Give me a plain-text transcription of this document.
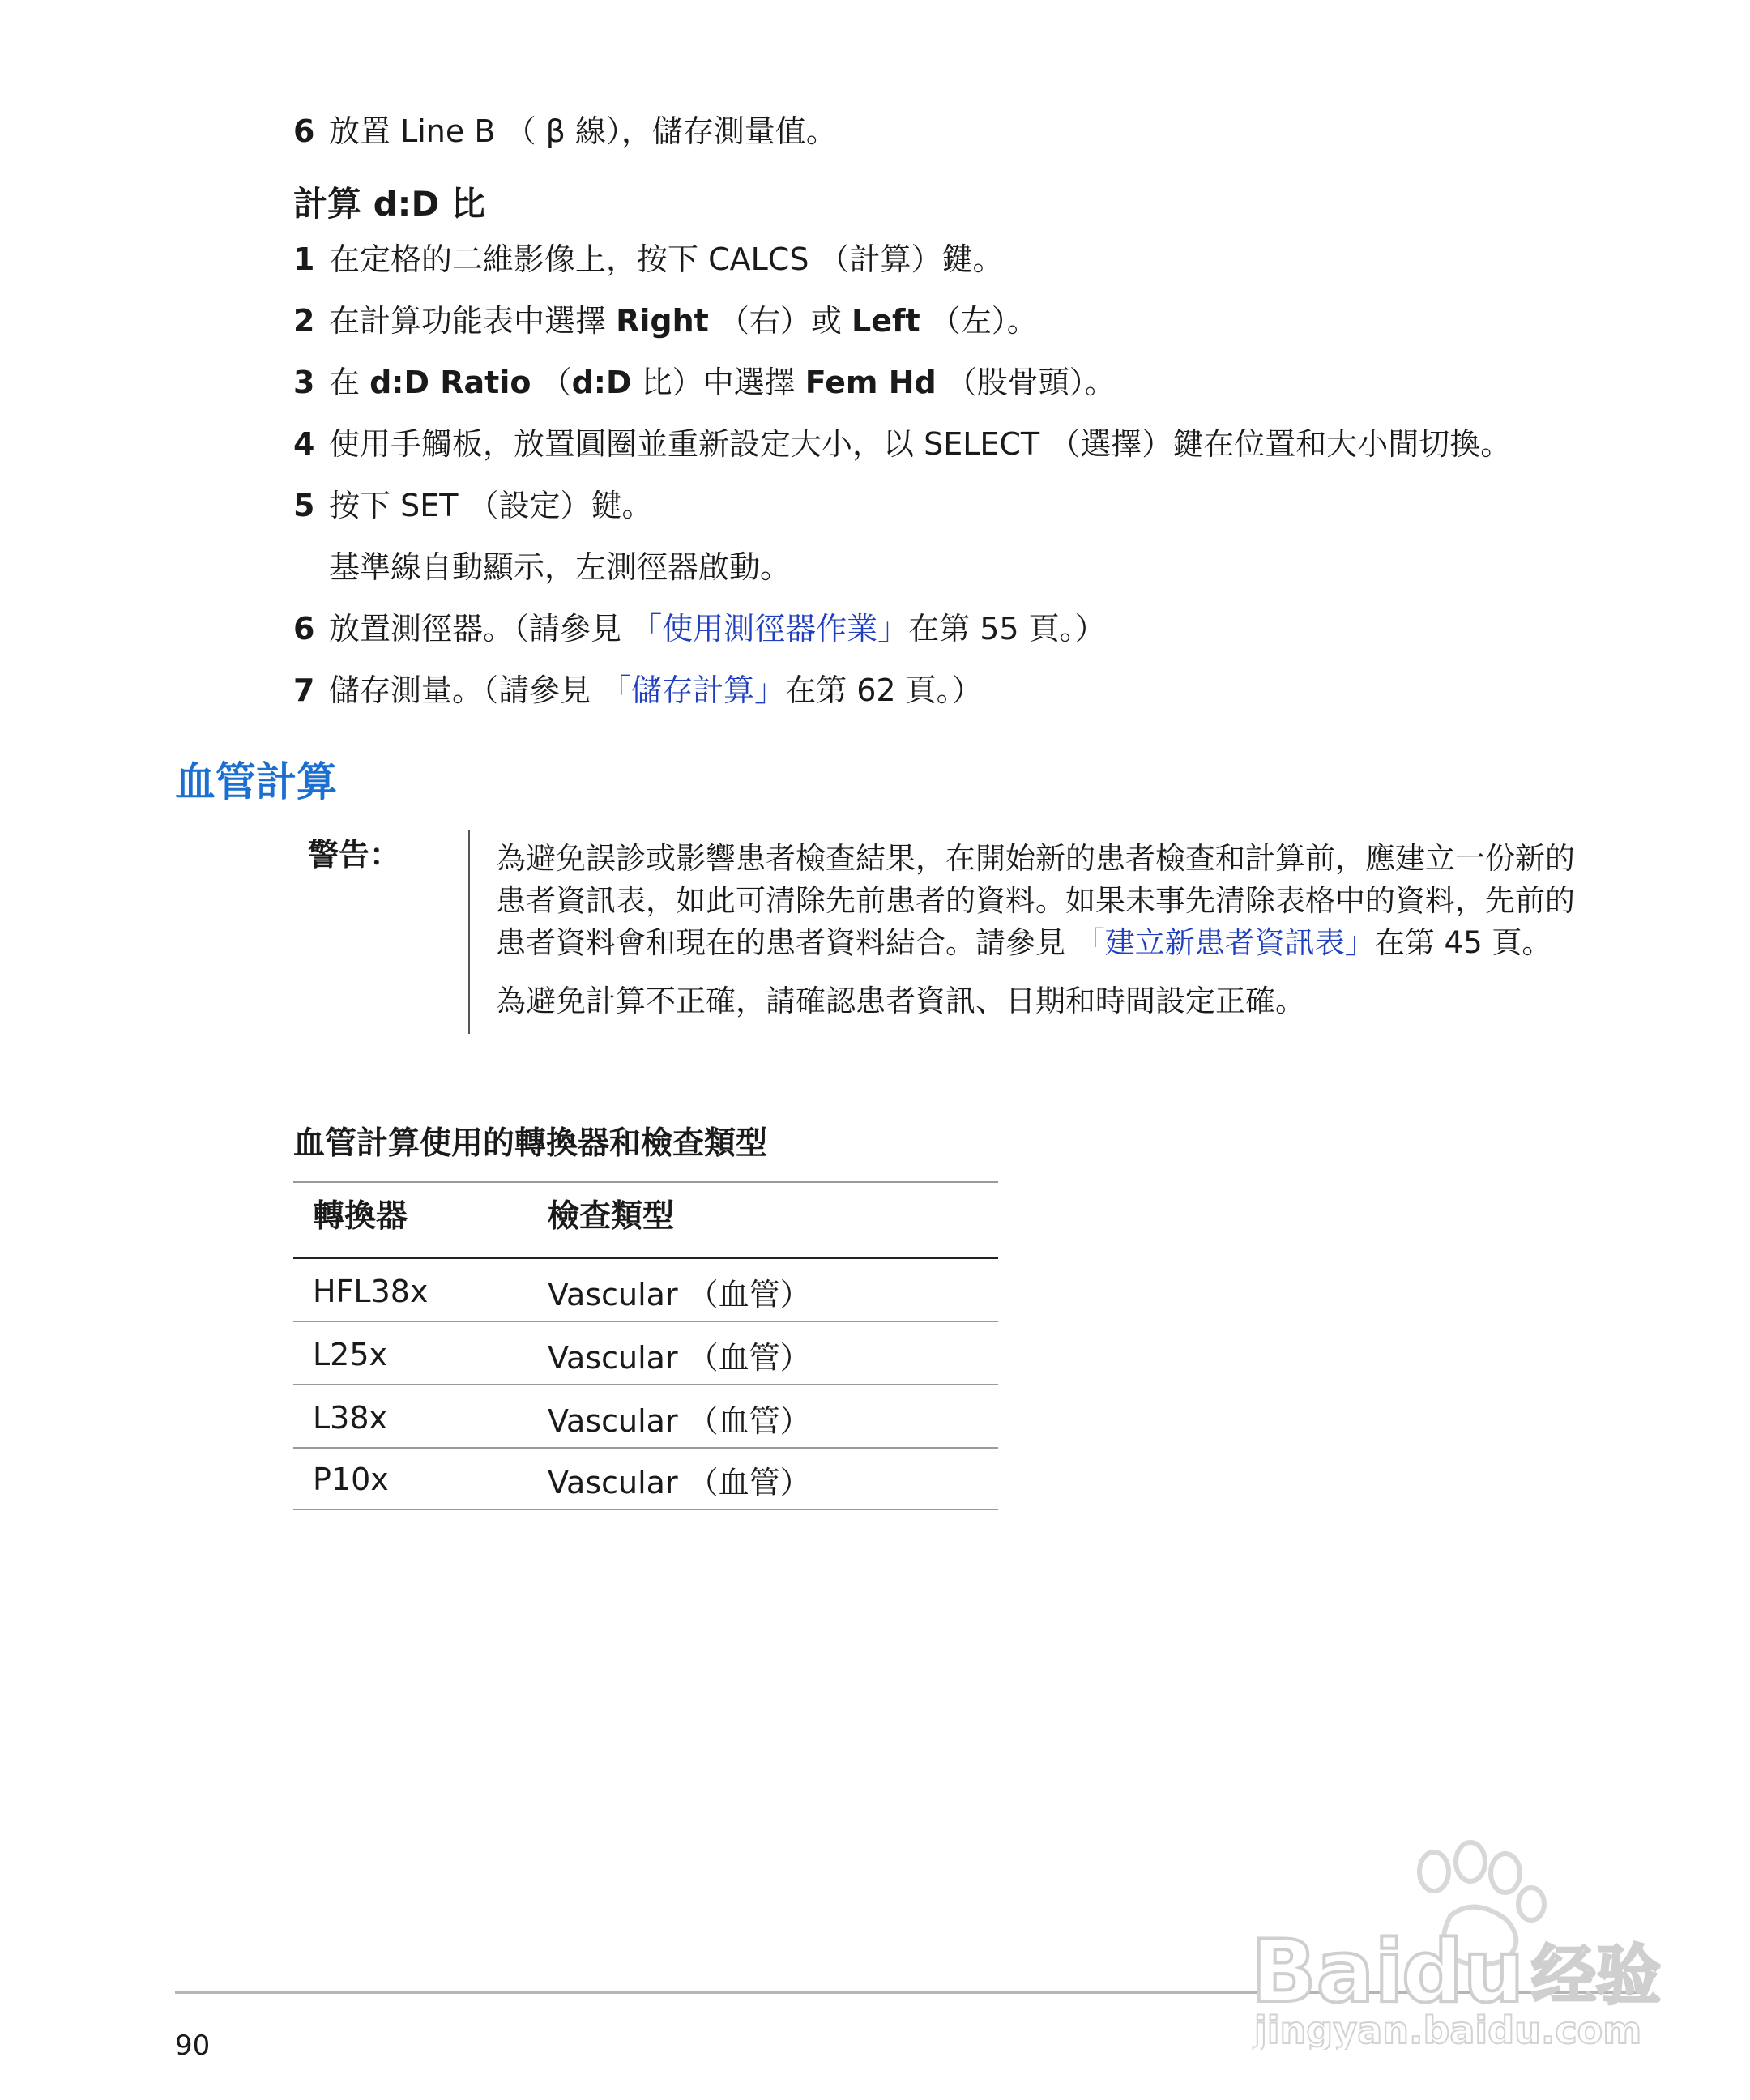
6 放置 Line B （ β 線），儲存測量值。
計算 d:D 比
1 在定格的二維影像上，按下 CALCS （計算）鍵。
2 在計算功能表中選擇 Right （右）或 Left （左）。
3 在 d:D Ratio （d:D 比）中選擇 Fem Hd （股骨頭）。
4 使用手觸板，放置圓圈並重新設定大小，以 SELECT （選擇）鍵在位置和大小間切換。
5 按下 SET （設定）鍵。
基準線自動顯示，左測徑器啟動。
6 放置測徑器。（請參見 「使用測徑器作業」在第 55 頁。）
7 儲存測量。（請參見 「儲存計算」在第 62 頁。）
血管計算
警告：	為避免誤診或影響患者檢查結果，在開始新的患者檢查和計算前，應建立一份新的
患者資訊表，如此可清除先前患者的資料。如果未事先清除表格中的資料，先前的
患者資料會和現在的患者資料結合。請參見 「建立新患者資訊表」在第 45 頁。
為避免計算不正確，請確認患者資訊、日期和時間設定正確。
血管計算使用的轉換器和檢查類型
轉換器	檢查類型
HFL38x	Vascular （血管）
L25x	Vascular （血管）
L38x	Vascular （血管）
P10x	Vascular （血管）
90
Bai
du 经验
jingyan.baidu.com
